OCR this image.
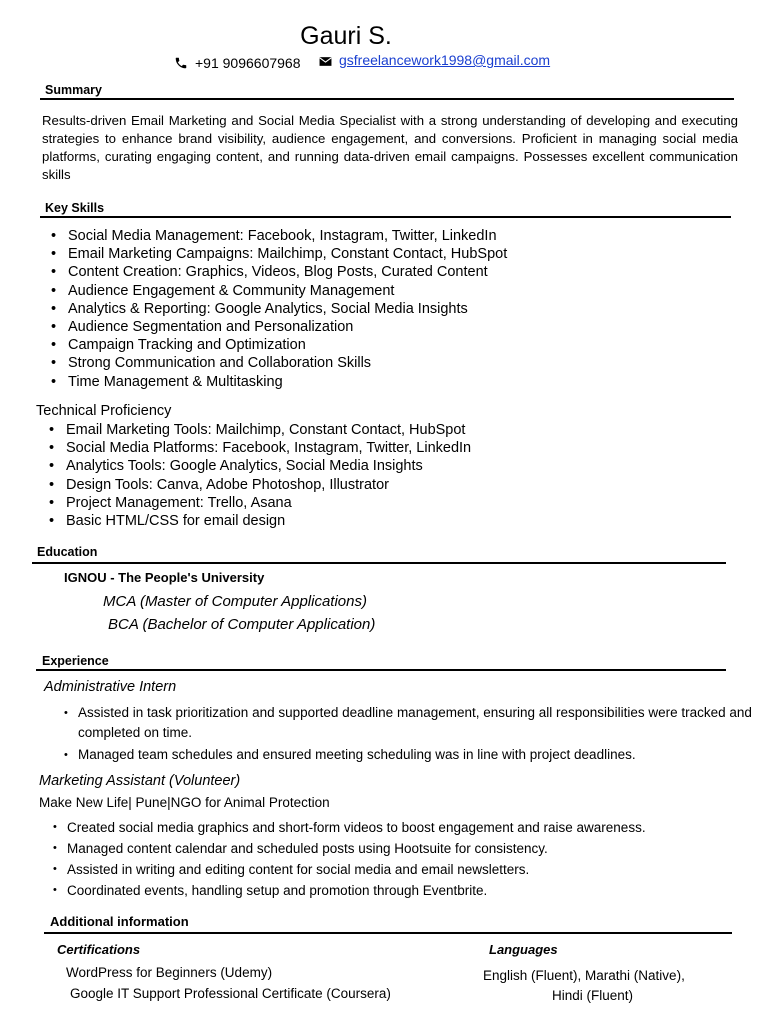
Gauri S.
+91 9096607968	gsfreelancework1998@gmail.com
Summary
Results-driven Email Marketing and Social Media Specialist with a strong understanding of developing and executing strategies to enhance brand visibility, audience engagement, and conversions. Proficient in managing social media platforms, curating engaging content, and running data-driven email campaigns. Possesses excellent communication skills
Key Skills
• Social Media Management: Facebook, Instagram, Twitter, LinkedIn
• Email Marketing Campaigns: Mailchimp, Constant Contact, HubSpot
• Content Creation: Graphics, Videos, Blog Posts, Curated Content
• Audience Engagement & Community Management
• Analytics & Reporting: Google Analytics, Social Media Insights
• Audience Segmentation and Personalization
• Campaign Tracking and Optimization
• Strong Communication and Collaboration Skills
• Time Management & Multitasking
Technical Proficiency
• Email Marketing Tools: Mailchimp, Constant Contact, HubSpot
• Social Media Platforms: Facebook, Instagram, Twitter, LinkedIn
• Analytics Tools: Google Analytics, Social Media Insights
• Design Tools: Canva, Adobe Photoshop, Illustrator
• Project Management: Trello, Asana
• Basic HTML/CSS for email design
Education
IGNOU - The People's University
MCA (Master of Computer Applications)
BCA (Bachelor of Computer Application)
Experience
Administrative Intern
• Assisted in task prioritization and supported deadline management, ensuring all responsibilities were tracked and completed on time.
• Managed team schedules and ensured meeting scheduling was in line with project deadlines.
Marketing Assistant (Volunteer)
Make New Life| Pune|NGO for Animal Protection
• Created social media graphics and short-form videos to boost engagement and raise awareness.
• Managed content calendar and scheduled posts using Hootsuite for consistency.
• Assisted in writing and editing content for social media and email newsletters.
• Coordinated events, handling setup and promotion through Eventbrite.
Additional information
Certifications
WordPress for Beginners (Udemy)
Google IT Support Professional Certificate (Coursera)
Languages
English (Fluent), Marathi (Native),
Hindi (Fluent)
